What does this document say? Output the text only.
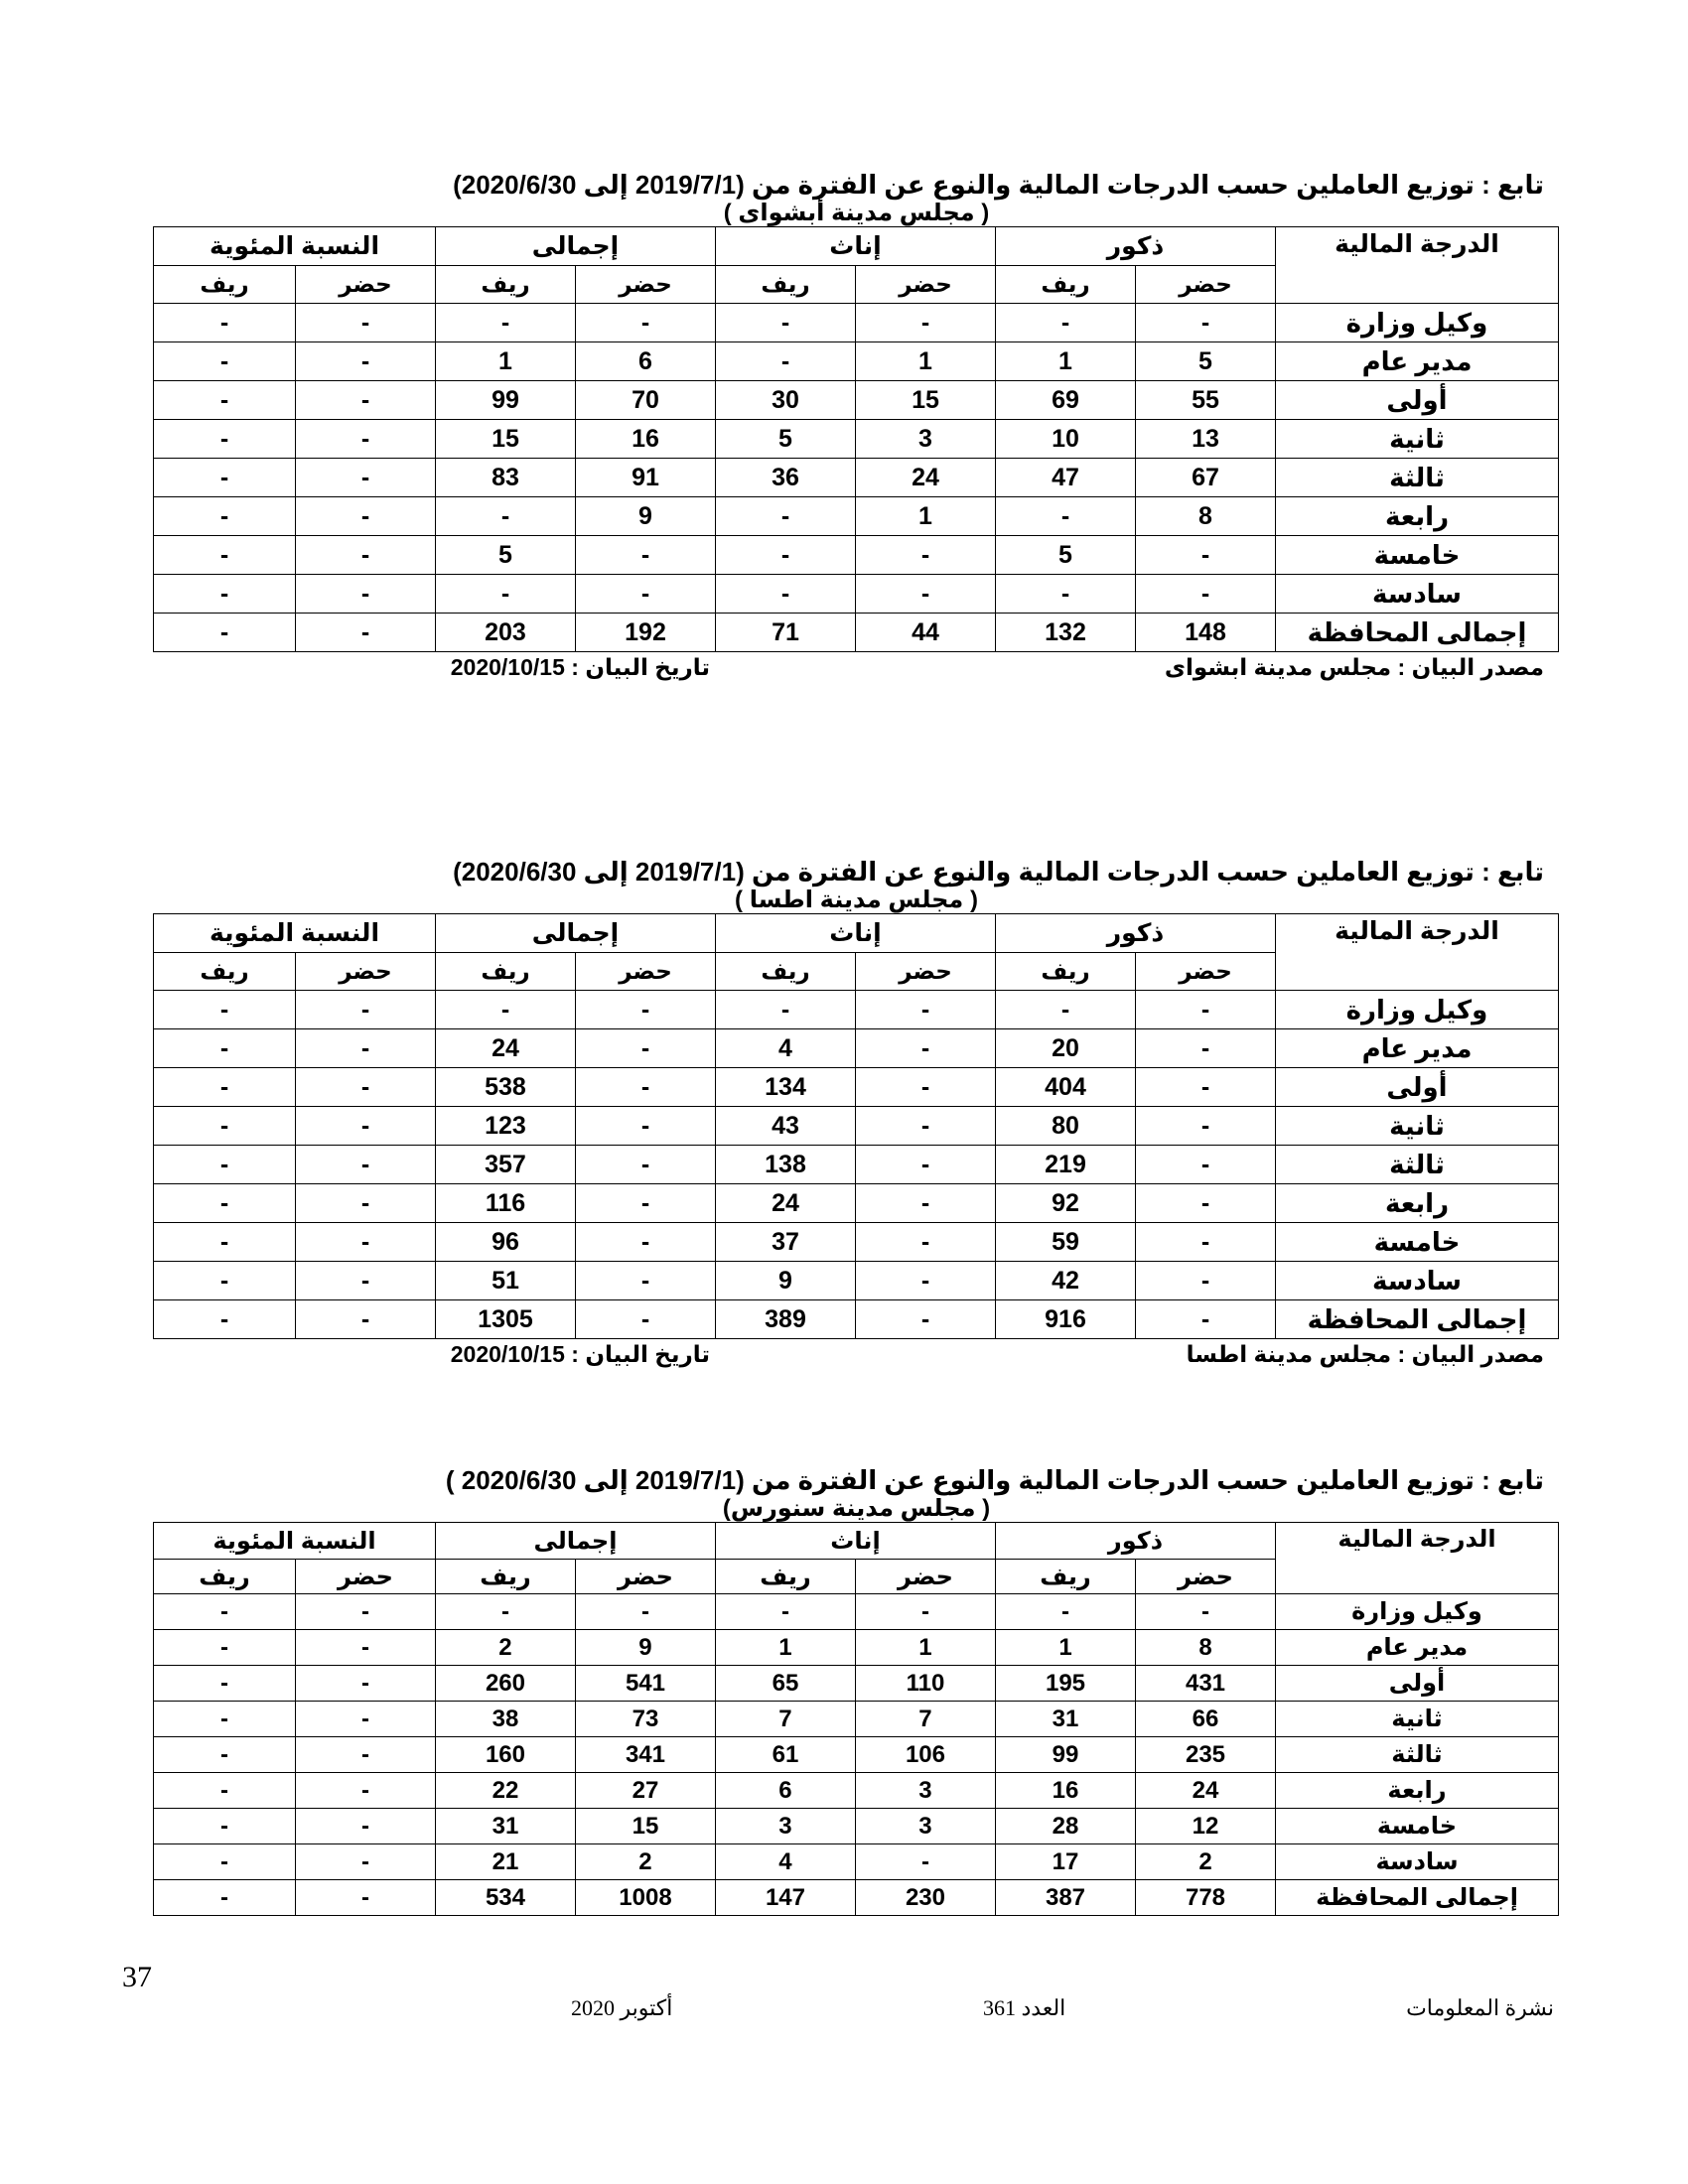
تابع : توزيع العاملين حسب الدرجات المالية والنوع عن الفترة من (2019/7/1 إلى 2020/6/30)
( مجلس مدينة أبشواى )
الدرجة المالية	ذكور		إناث		إجمالى		النسبة المئوية	
	حضر	ريف	حضر	ريف	حضر	ريف	حضر	ريف
وكيل وزارة	-	-	-	-	-	-	-	-
مدير عام	5	1	1	-	6	1	-	-
أولى	55	69	15	30	70	99	-	-
ثانية	13	10	3	5	16	15	-	-
ثالثة	67	47	24	36	91	83	-	-
رابعة	8	-	1	-	9	-	-	-
خامسة	-	5	-	-	-	5	-	-
سادسة	-	-	-	-	-	-	-	-
إجمالى المحافظة	148	132	44	71	192	203	-	-
مصدر البيان : مجلس مدينة ابشواى
تاريخ البيان : 2020/10/15
تابع : توزيع العاملين حسب الدرجات المالية والنوع عن الفترة من (2019/7/1 إلى 2020/6/30)
( مجلس مدينة اطسا )
الدرجة المالية	ذكور		إناث		إجمالى		النسبة المئوية	
	حضر	ريف	حضر	ريف	حضر	ريف	حضر	ريف
وكيل وزارة	-	-	-	-	-	-	-	-
مدير عام	-	20	-	4	-	24	-	-
أولى	-	404	-	134	-	538	-	-
ثانية	-	80	-	43	-	123	-	-
ثالثة	-	219	-	138	-	357	-	-
رابعة	-	92	-	24	-	116	-	-
خامسة	-	59	-	37	-	96	-	-
سادسة	-	42	-	9	-	51	-	-
إجمالى المحافظة	-	916	-	389	-	1305	-	-
مصدر البيان : مجلس مدينة اطسا
تاريخ البيان : 2020/10/15
تابع : توزيع العاملين حسب الدرجات المالية والنوع عن الفترة من (2019/7/1 إلى 2020/6/30 )
( مجلس مدينة سنورس)
الدرجة المالية	ذكور		إناث		إجمالى		النسبة المئوية	
	حضر	ريف	حضر	ريف	حضر	ريف	حضر	ريف
وكيل وزارة	-	-	-	-	-	-	-	-
مدير عام	8	1	1	1	9	2	-	-
أولى	431	195	110	65	541	260	-	-
ثانية	66	31	7	7	73	38	-	-
ثالثة	235	99	106	61	341	160	-	-
رابعة	24	16	3	6	27	22	-	-
خامسة	12	28	3	3	15	31	-	-
سادسة	2	17	-	4	2	21	-	-
إجمالى المحافظة	778	387	230	147	1008	534	-	-
37
نشرة المعلومات
العدد 361
أكتوبر 2020
